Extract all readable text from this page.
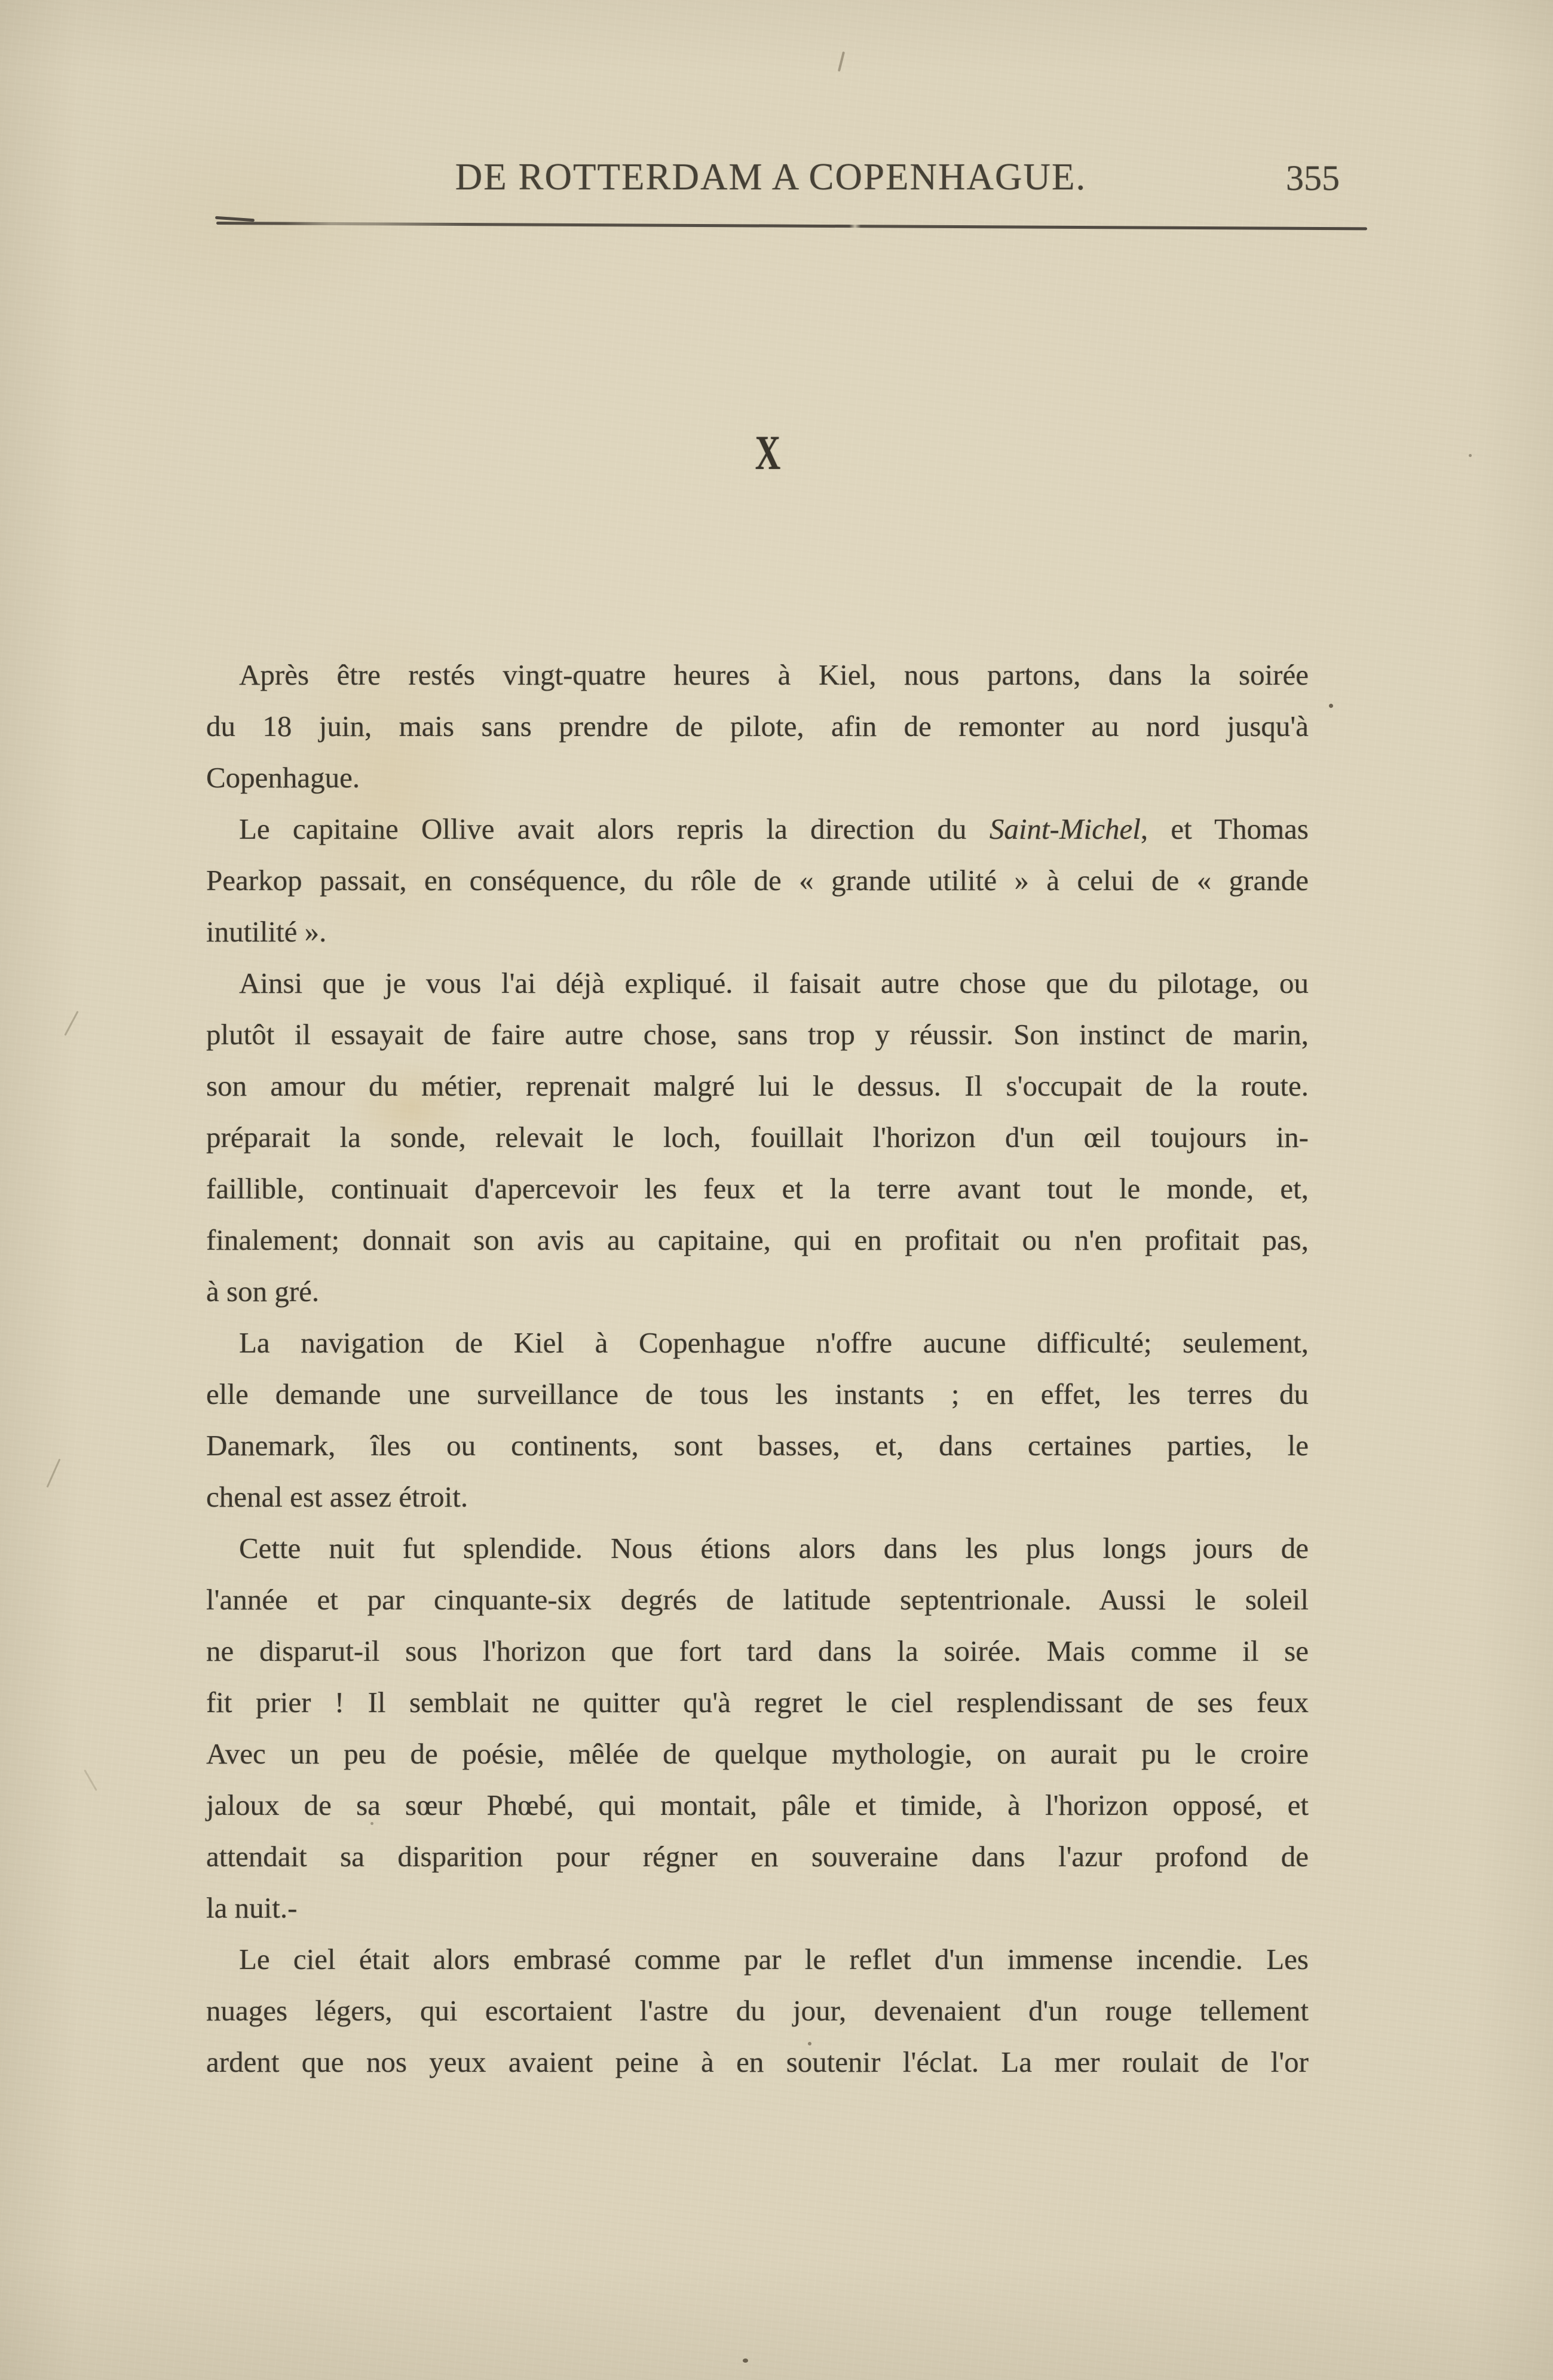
DE ROTTERDAM A COPENHAGUE.	355
X
Après être restés vingt-quatre heures à Kiel, nous partons, dans la soirée
du 18 juin, mais sans prendre de pilote, afin de remonter au nord jusqu'à
Copenhague.
Le capitaine Ollive avait alors repris la direction du Saint-Michel, et Thomas
Pearkop passait, en conséquence, du rôle de « grande utilité » à celui de « grande
inutilité ».
Ainsi que je vous l'ai déjà expliqué. il faisait autre chose que du pilotage, ou
plutôt il essayait de faire autre chose, sans trop y réussir. Son instinct de marin,
son amour du métier, reprenait malgré lui le dessus. Il s'occupait de la route.
préparait la sonde, relevait le loch, fouillait l'horizon d'un œil toujours in-
faillible, continuait d'apercevoir les feux et la terre avant tout le monde, et,
finalement; donnait son avis au capitaine, qui en profitait ou n'en profitait pas,
à son gré.
La navigation de Kiel à Copenhague n'offre aucune difficulté; seulement,
elle demande une surveillance de tous les instants ; en effet, les terres du
Danemark, îles ou continents, sont basses, et, dans certaines parties, le
chenal est assez étroit.
Cette nuit fut splendide. Nous étions alors dans les plus longs jours de
l'année et par cinquante-six degrés de latitude septentrionale. Aussi le soleil
ne disparut-il sous l'horizon que fort tard dans la soirée. Mais comme il se
fit prier ! Il semblait ne quitter qu'à regret le ciel resplendissant de ses feux
Avec un peu de poésie, mêlée de quelque mythologie, on aurait pu le croire
jaloux de sa sœur Phœbé, qui montait, pâle et timide, à l'horizon opposé, et
attendait sa disparition pour régner en souveraine dans l'azur profond de
la nuit.-
Le ciel était alors embrasé comme par le reflet d'un immense incendie. Les
nuages légers, qui escortaient l'astre du jour, devenaient d'un rouge tellement
ardent que nos yeux avaient peine à en soutenir l'éclat. La mer roulait de l'or
